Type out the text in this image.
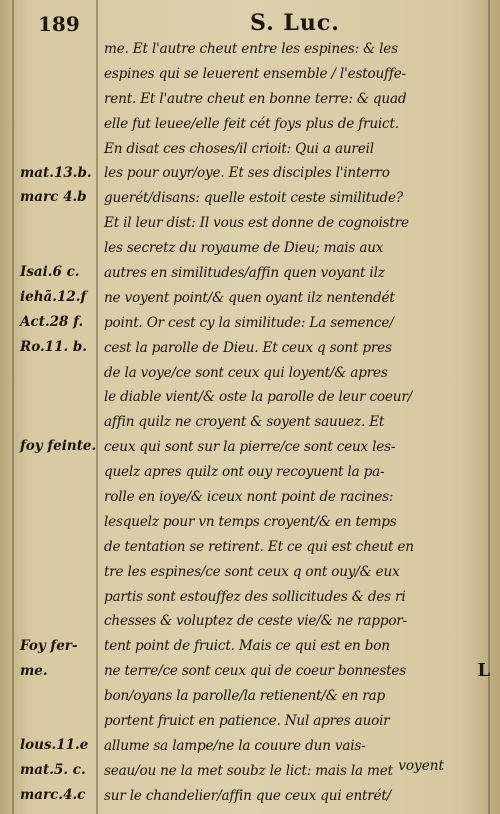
189	S. Luc.
mat.13.b.
marc 4.b
Isai.6 c.
iehã.12.f
Act.28 f.
Ro.11. b.
foy feinte.
Foy fer-
me.
lous.11.e
mat.5. c.
marc.4.c
me. Et l'autre cheut entre les espines: & les
espines qui se leuerent ensemble / l'estouffe-
rent. Et l'autre cheut en bonne terre: & quad
elle fut leuee/elle feit cét foys plus de fruict.
En disat ces choses/il crioit: Qui a aureil
les pour ouyr/oye. Et ses disciples l'interro
guerét/disans: quelle estoit ceste similitude?
Et il leur dist: Il vous est donne de cognoistre
les secretz du royaume de Dieu; mais aux
autres en similitudes/affin quen voyant ilz
ne voyent point/& quen oyant ilz nentendét
point. Or cest cy la similitude: La semence/
cest la parolle de Dieu. Et ceux q sont pres
de la voye/ce sont ceux qui loyent/& apres
le diable vient/& oste la parolle de leur coeur/
affin quilz ne croyent & soyent sauuez. Et
ceux qui sont sur la pierre/ce sont ceux les-
quelz apres quilz ont ouy recoyuent la pa-
rolle en ioye/& iceux nont point de racines:
lesquelz pour vn temps croyent/& en temps
de tentation se retirent. Et ce qui est cheut en
tre les espines/ce sont ceux q ont ouy/& eux
partis sont estouffez des sollicitudes & des ri
chesses & voluptez de ceste vie/& ne rappor-
tent point de fruict. Mais ce qui est en bon
ne terre/ce sont ceux qui de coeur bonnestes
bon/oyans la parolle/la retienent/& en rap
portent fruict en patience. Nul apres auoir
allume sa lampe/ne la couure dun vais-
seau/ou ne la met soubz le lict: mais la met
sur le chandelier/affin que ceux qui entrét/
voyent
L
